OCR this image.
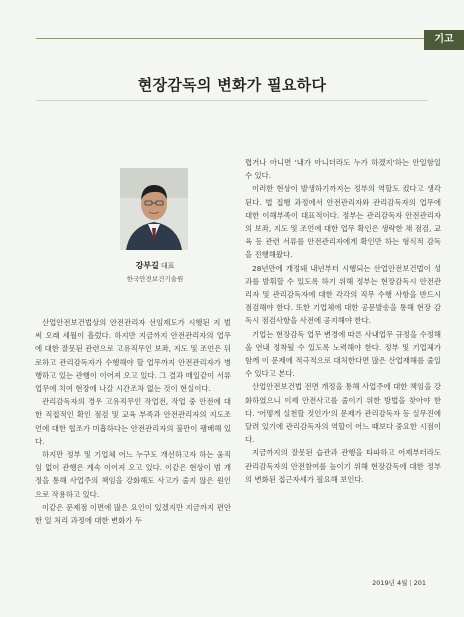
기고
현장감독의 변화가 필요하다
강부길 대표
한국안전보건기술원

산업안전보건법상의 안전관리자 선임제도가 시행된 지 벌써 오래 세월이 흘렀다. 하지만 지금까지 안전관리자의 업무에 대한 잘못된 관련으로 고유직무인 보좌, 지도 및 조언은 뒤로하고 관리감독자가 수행해야 할 업무까지 안전관리자가 병행하고 있는 관행이 이어져 오고 있다. 그 결과 매일같이 서류업무에 치여 현장에 나갈 시간조차 없는 것이 현실이다.

관리감독자의 경우 고유직무인 작업전, 작업 중 안전에 대한 직접적인 확인 점검 및 교육 부족과 안전관리자의 지도조언에 대한 협조가 미흡하다는 안전관리자의 불만이 팽배해 있다.

하지만 정부 및 기업체 어느 누구도 개선하고자 하는 움직임 없이 관행은 계속 이어져 오고 있다. 이같은 현상이 범 개정을 통해 사업주의 책임을 강화해도 사고가 줄지 않은 원인으로 작용하고 있다.

이같은 문제점 이면에 많은 요인이 있겠지만 지금까지 편안한 일 처리 과정에 대한 변화가 두

렵거나 아니면 '내가 아니더라도 누가 하겠지'하는 안일함일 수 있다.

이러한 현상이 발생하기까지는 정부의 역할도 컸다고 생각된다. 법 집행 과정에서 안전관리자와 관리감독자의 업무에 대한 이해부족이 대표적이다. 정부는 관리감독자 안전관리자의 보좌, 지도 및 조언에 대한 업무 확인은 생략한 채 점검, 교육 등 관련 서류를 안전관리자에게 확인만 하는 형식적 감독을 진행해왔다.

28년만에 개정돼 내년부터 시행되는 산업안전보건법이 성과를 발휘할 수 있도록 하기 위해 정부는 현장감독시 안전관리자 및 관리감독자에 대한 각각의 직무 수행 사항을 반드시 점검해야 한다. 또한 기업체에 대한 공문발송을 통해 현장 감독시 점검사항을 사전에 공지해야 한다.

기업는 현장감독 업무 변경에 따른 사내업무 규정을 수정해 올 연내 정착될 수 있도록 노력해야 한다. 정부 및 기업체가 함께 이 문제에 적극적으로 대처한다면 많은 산업재해를 줄일 수 있다고 본다.

산업안전보건법 전면 개정을 통해 사업주에 대한 책임을 강화하였으니 이제 안전사고를 줄이기 위한 방법을 찾아야 한다. '어떻게 실천할 것인가'의 문제가 관리감독자 등 실무진에 달려 있기에 관리감독자의 역할이 어느 때보다 중요한 시점이다.

지금까지의 잘못된 습관과 관행을 타파하고 어제부터라도 관리감독자의 안전참여를 높이기 위해 현장감독에 대한 정부의 변화된 접근자세가 필요해 보인다.

2019년 4월 | 201
